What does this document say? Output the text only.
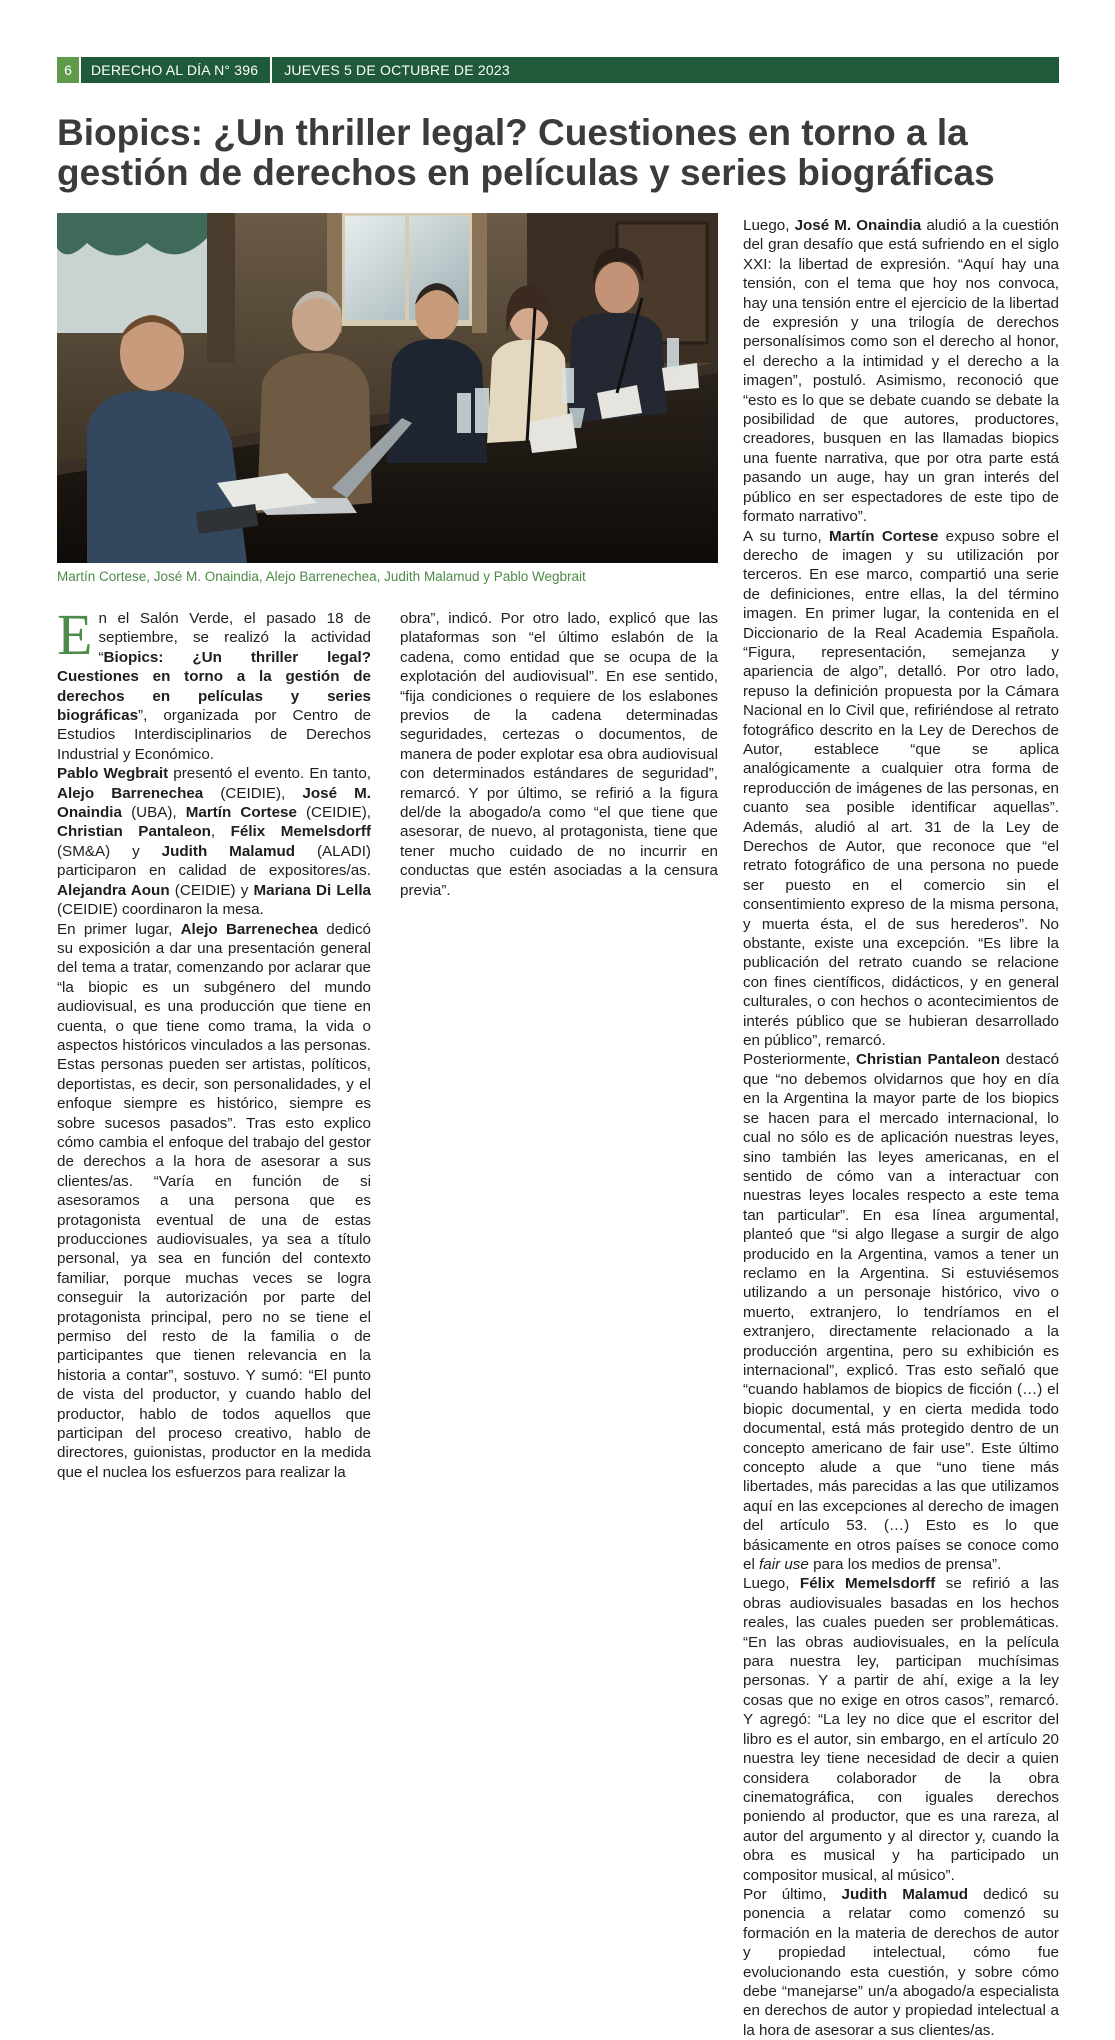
6	DERECHO AL DÍA N° 396	JUEVES 5 DE OCTUBRE DE 2023
Biopics: ¿Un thriller legal? Cuestiones en torno a la gestión de derechos en películas y series biográficas
Martín Cortese, José M. Onaindia, Alejo Barrenechea, Judith Malamud y Pablo Wegbrait

En el Salón Verde, el pasado 18 de septiembre, se realizó la actividad “Biopics: ¿Un thriller legal? Cuestiones en torno a la gestión de derechos en películas y series biográficas”, organizada por Centro de Estudios Interdisciplinarios de Derechos Industrial y Económico.

Pablo Wegbrait presentó el evento. En tanto, Alejo Barrenechea (CEIDIE), José M. Onaindia (UBA), Martín Cortese (CEIDIE), Christian Pantaleon, Félix Memelsdorff (SM&A) y Judith Malamud (ALADI) participaron en calidad de expositores/as. Alejandra Aoun (CEIDIE) y Mariana Di Lella (CEIDIE) coordinaron la mesa.

En primer lugar, Alejo Barrenechea dedicó su exposición a dar una presentación general del tema a tratar, comenzando por aclarar que “la biopic es un subgénero del mundo audiovisual, es una producción que tiene en cuenta, o que tiene como trama, la vida o aspectos históricos vinculados a las personas. Estas personas pueden ser artistas, políticos, deportistas, es decir, son personalidades, y el enfoque siempre es histórico, siempre es sobre sucesos pasados”. Tras esto explico cómo cambia el enfoque del trabajo del gestor de derechos a la hora de asesorar a sus clientes/as. “Varía en función de si asesoramos a una persona que es protagonista eventual de una de estas producciones audiovisuales, ya sea a título personal, ya sea en función del contexto familiar, porque muchas veces se logra conseguir la autorización por parte del protagonista principal, pero no se tiene el permiso del resto de la familia o de participantes que tienen relevancia en la historia a contar”, sostuvo. Y sumó: “El punto de vista del productor, y cuando hablo del productor, hablo de todos aquellos que participan del proceso creativo, hablo de directores, guionistas, productor en la medida que el nuclea los esfuerzos para realizar la

obra”, indicó. Por otro lado, explicó que las plataformas son “el último eslabón de la cadena, como entidad que se ocupa de la explotación del audiovisual”. En ese sentido, “fija condiciones o requiere de los eslabones previos de la cadena determinadas seguridades, certezas o documentos, de manera de poder explotar esa obra audiovisual con determinados estándares de seguridad”, remarcó. Y por último, se refirió a la figura del/de la abogado/a como “el que tiene que asesorar, de nuevo, al protagonista, tiene que tener mucho cuidado de no incurrir en conductas que estén asociadas a la censura previa”.

Luego, José M. Onaindia aludió a la cuestión del gran desafío que está sufriendo en el siglo XXI: la libertad de expresión. “Aquí hay una tensión, con el tema que hoy nos convoca, hay una tensión entre el ejercicio de la libertad de expresión y una trilogía de derechos personalísimos como son el derecho al honor, el derecho a la intimidad y el derecho a la imagen”, postuló. Asimismo, reconoció que “esto es lo que se debate cuando se debate la posibilidad de que autores, productores, creadores, busquen en las llamadas biopics una fuente narrativa, que por otra parte está pasando un auge, hay un gran interés del público en ser espectadores de este tipo de formato narrativo”.

A su turno, Martín Cortese expuso sobre el derecho de imagen y su utilización por terceros. En ese marco, compartió una serie de definiciones, entre ellas, la del término imagen. En primer lugar, la contenida en el Diccionario de la Real Academia Española. “Figura, representación, semejanza y apariencia de algo”, detalló. Por otro lado, repuso la definición propuesta por la Cámara Nacional en lo Civil que, refiriéndose al retrato fotográfico descrito en la Ley de Derechos de Autor, establece “que se aplica analógicamente a cualquier otra forma de reproducción de imágenes de las personas, en cuanto sea posible identificar aquellas”. Además, aludió al art. 31 de la Ley de Derechos de Autor, que reconoce que “el retrato fotográfico de una persona no puede ser puesto en el comercio sin el consentimiento expreso de la misma persona, y muerta ésta, el de sus herederos”. No obstante, existe una excepción. “Es libre la publicación del retrato cuando se relacione con fines científicos, didácticos, y en general culturales, o con hechos o acontecimientos de interés público que se hubieran desarrollado en público”, remarcó.

Posteriormente, Christian Pantaleon destacó que “no debemos olvidarnos que hoy en día en la Argentina la mayor parte de los biopics se hacen para el mercado internacional, lo cual no sólo es de aplicación nuestras leyes, sino también las leyes americanas, en el sentido de cómo van a interactuar con nuestras leyes locales respecto a este tema tan particular”. En esa línea argumental, planteó que “si algo llegase a surgir de algo producido en la Argentina, vamos a tener un reclamo en la Argentina. Si estuviésemos utilizando a un personaje histórico, vivo o muerto, extranjero, lo tendríamos en el extranjero, directamente relacionado a la producción argentina, pero su exhibición es internacional”, explicó. Tras esto señaló que “cuando hablamos de biopics de ficción (…) el biopic documental, y en cierta medida todo documental, está más protegido dentro de un concepto americano de fair use”. Este último concepto alude a que “uno tiene más libertades, más parecidas a las que utilizamos aquí en las excepciones al derecho de imagen del artículo 53. (…) Esto es lo que básicamente en otros países se conoce como el fair use para los medios de prensa”.

Luego, Félix Memelsdorff se refirió a las obras audiovisuales basadas en los hechos reales, las cuales pueden ser problemáticas. “En las obras audiovisuales, en la película para nuestra ley, participan muchísimas personas. Y a partir de ahí, exige a la ley cosas que no exige en otros casos”, remarcó. Y agregó: “La ley no dice que el escritor del libro es el autor, sin embargo, en el artículo 20 nuestra ley tiene necesidad de decir a quien considera colaborador de la obra cinematográfica, con iguales derechos poniendo al productor, que es una rareza, al autor del argumento y al director y, cuando la obra es musical y ha participado un compositor musical, al músico”.

Por último, Judith Malamud dedicó su ponencia a relatar como comenzó su formación en la materia de derechos de autor y propiedad intelectual, cómo fue evolucionando esta cuestión, y sobre cómo debe “manejarse” un/a abogado/a especialista en derechos de autor y propiedad intelectual a la hora de asesorar a sus clientes/as.
